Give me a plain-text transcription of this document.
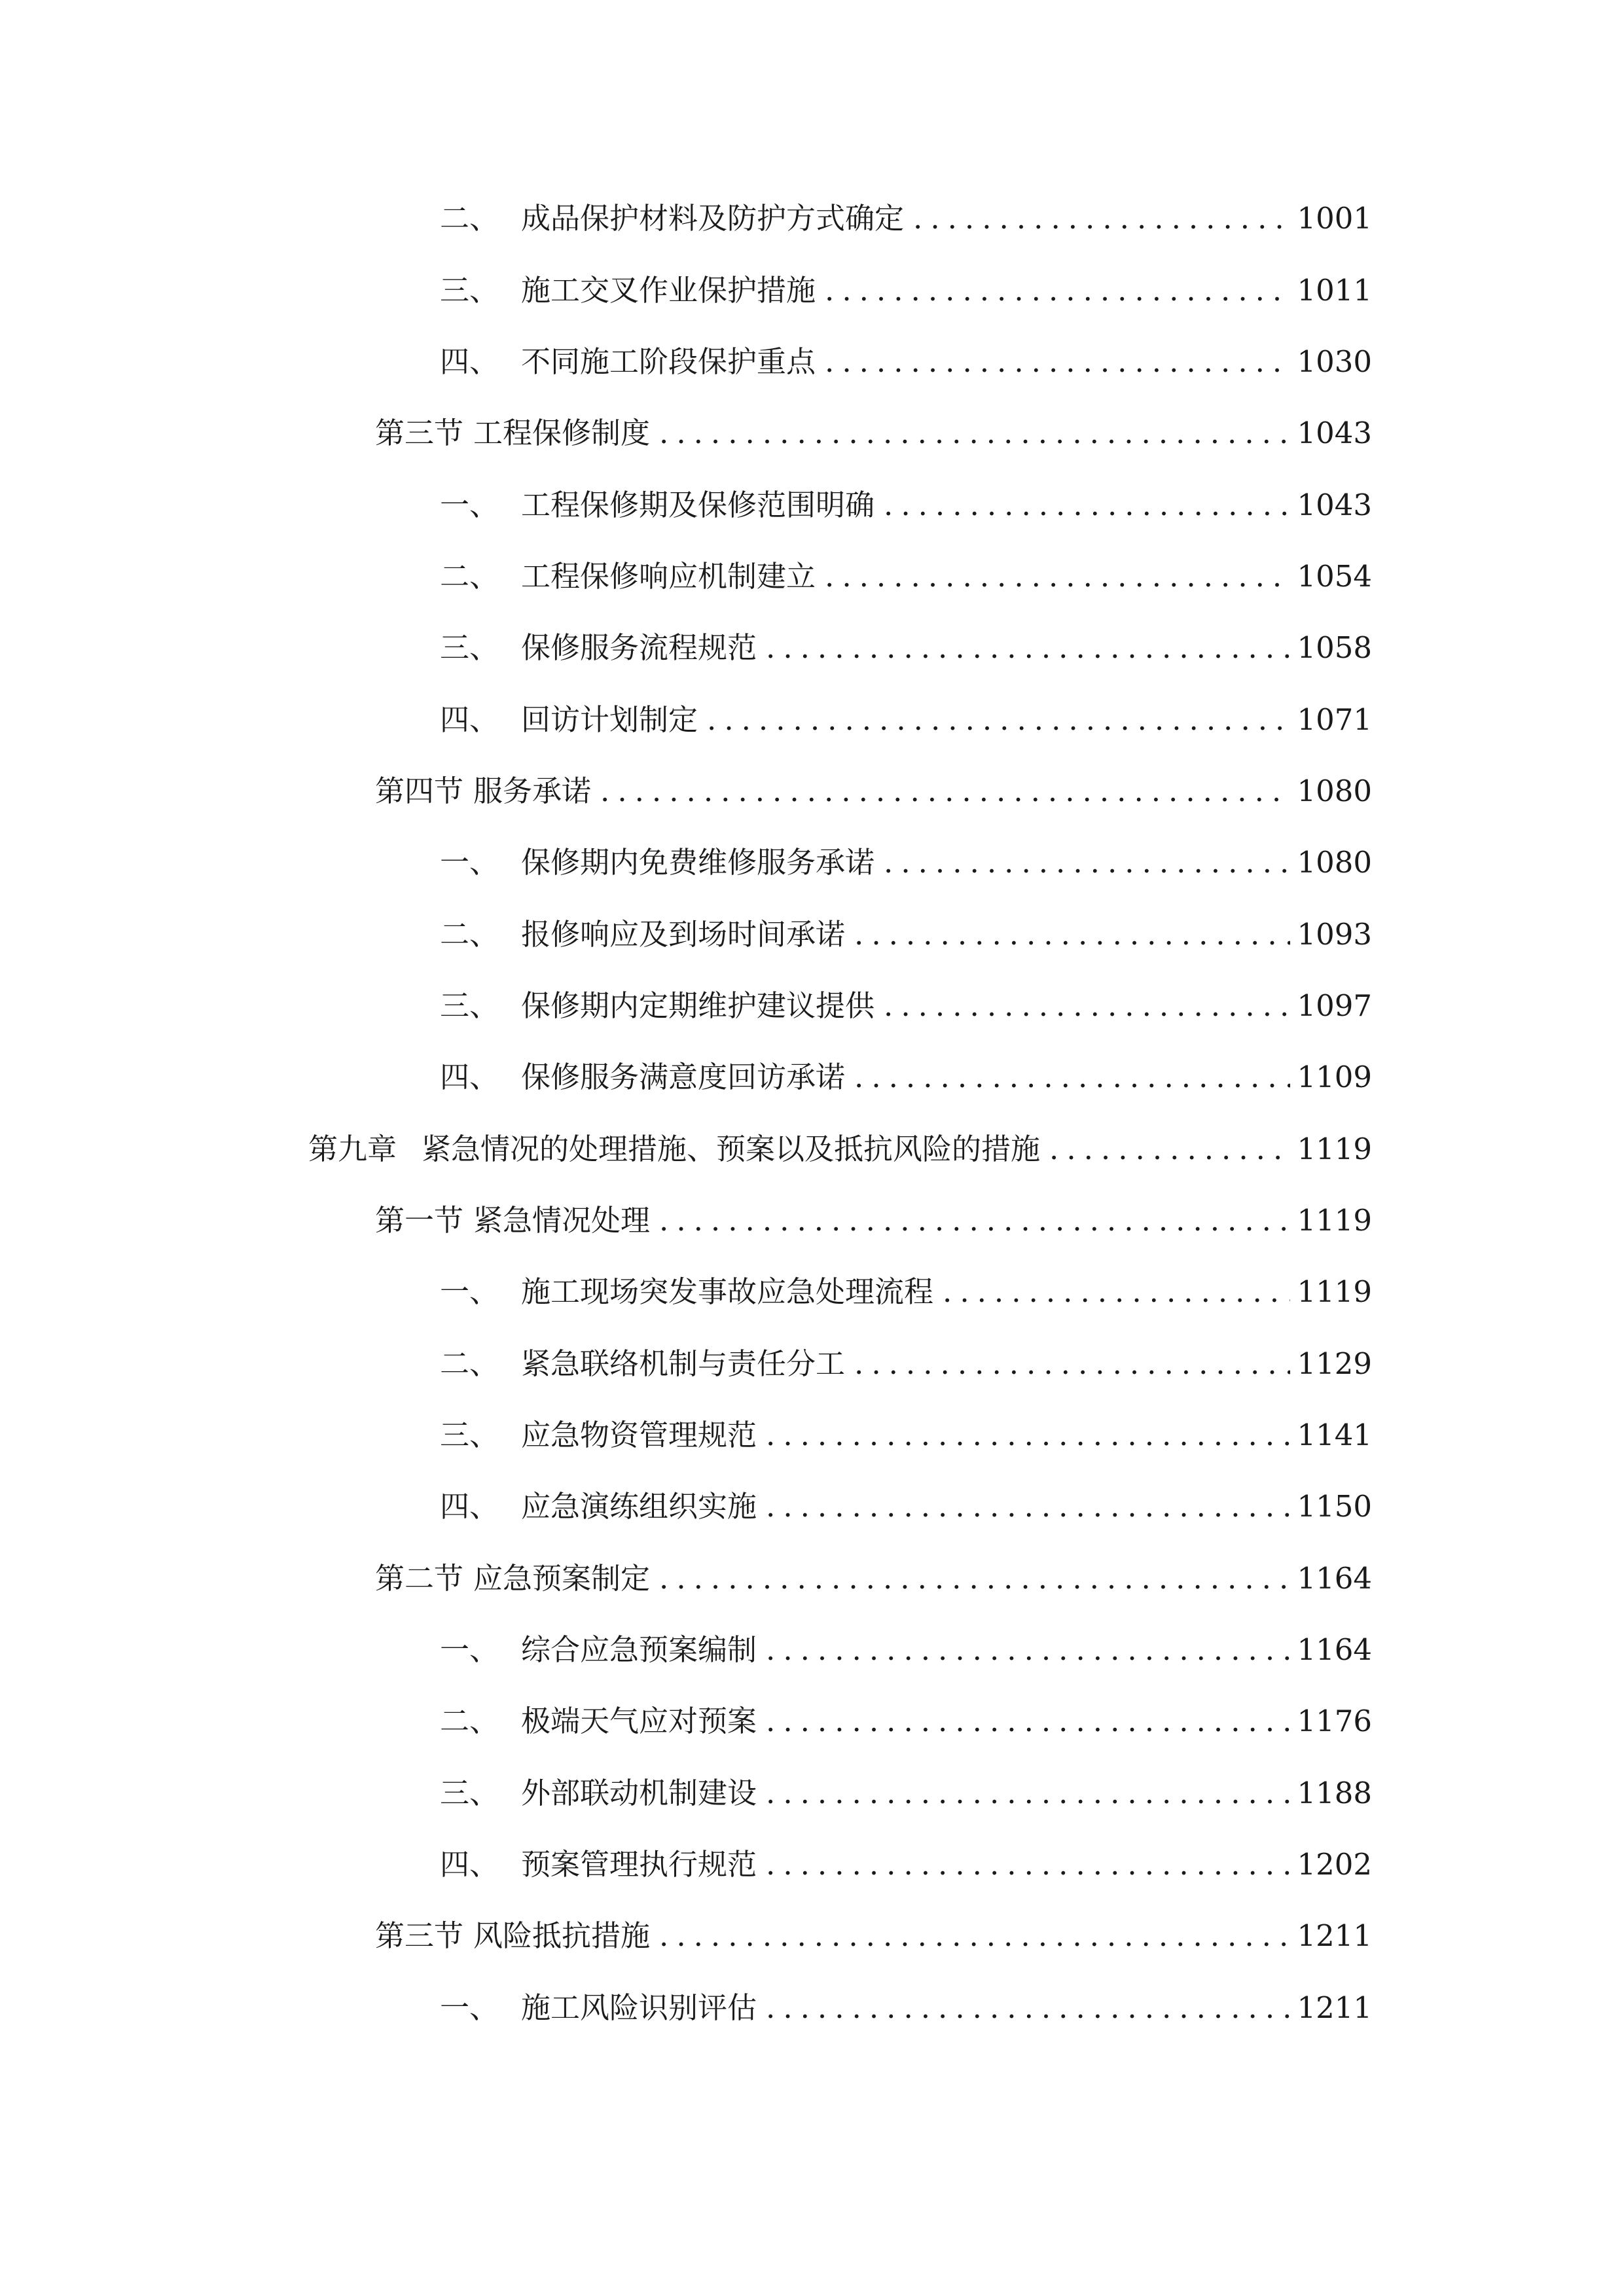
二、 成品保护材料及防护方式确定 .....	1001
三、 施工交叉作业保护措施 .....	1011
四、 不同施工阶段保护重点 .....	1030
第三节 工程保修制度 .....	1043
一、 工程保修期及保修范围明确 .....	1043
二、 工程保修响应机制建立 .....	1054
三、 保修服务流程规范 .....	1058
四、 回访计划制定 .....	1071
第四节 服务承诺 .....	1080
一、 保修期内免费维修服务承诺 .....	1080
二、 报修响应及到场时间承诺 .....	1093
三、 保修期内定期维护建议提供 .....	1097
四、 保修服务满意度回访承诺 .....	1109
第九章 紧急情况的处理措施、预案以及抵抗风险的措施 .....	1119
第一节 紧急情况处理 .....	1119
一、 施工现场突发事故应急处理流程 .....	1119
二、 紧急联络机制与责任分工 .....	1129
三、 应急物资管理规范 .....	1141
四、 应急演练组织实施 .....	1150
第二节 应急预案制定 .....	1164
一、 综合应急预案编制 .....	1164
二、 极端天气应对预案 .....	1176
三、 外部联动机制建设 .....	1188
四、 预案管理执行规范 .....	1202
第三节 风险抵抗措施 .....	1211
一、 施工风险识别评估 .....	1211
